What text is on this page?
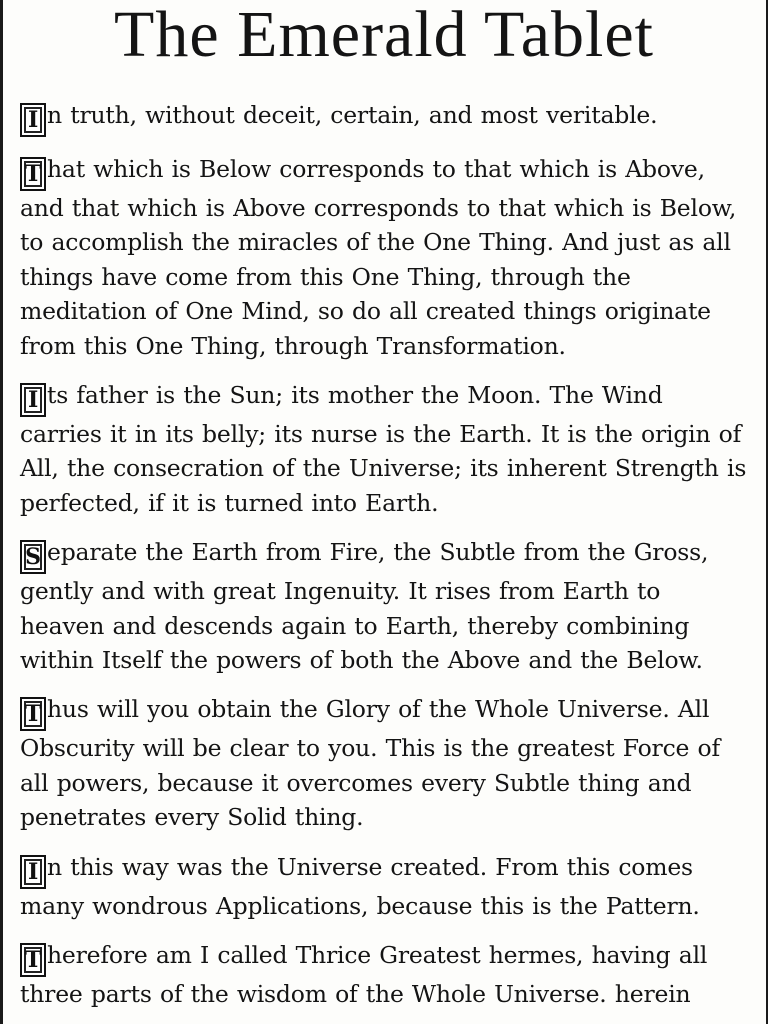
The Emerald Tablet

I n truth, without deceit, certain, and most veritable.

T hat which is Below corresponds to that which is Above, and that which is Above corresponds to that which is Below, to accomplish the miracles of the One Thing. And just as all things have come from this One Thing, through the meditation of One Mind, so do all created things originate from this One Thing, through Transformation.

I ts father is the Sun; its mother the Moon. The Wind carries it in its belly; its nurse is the Earth. It is the origin of All, the consecration of the Universe; its inherent Strength is perfected, if it is turned into Earth.

S eparate the Earth from Fire, the Subtle from the Gross, gently and with great Ingenuity. It rises from Earth to heaven and descends again to Earth, thereby combining within Itself the powers of both the Above and the Below.

T hus will you obtain the Glory of the Whole Universe. All Obscurity will be clear to you. This is the greatest Force of all powers, because it overcomes every Subtle thing and penetrates every Solid thing.

I n this way was the Universe created. From this comes many wondrous Applications, because this is the Pattern.

T herefore am I called Thrice Greatest hermes, having all three parts of the wisdom of the Whole Universe. herein
